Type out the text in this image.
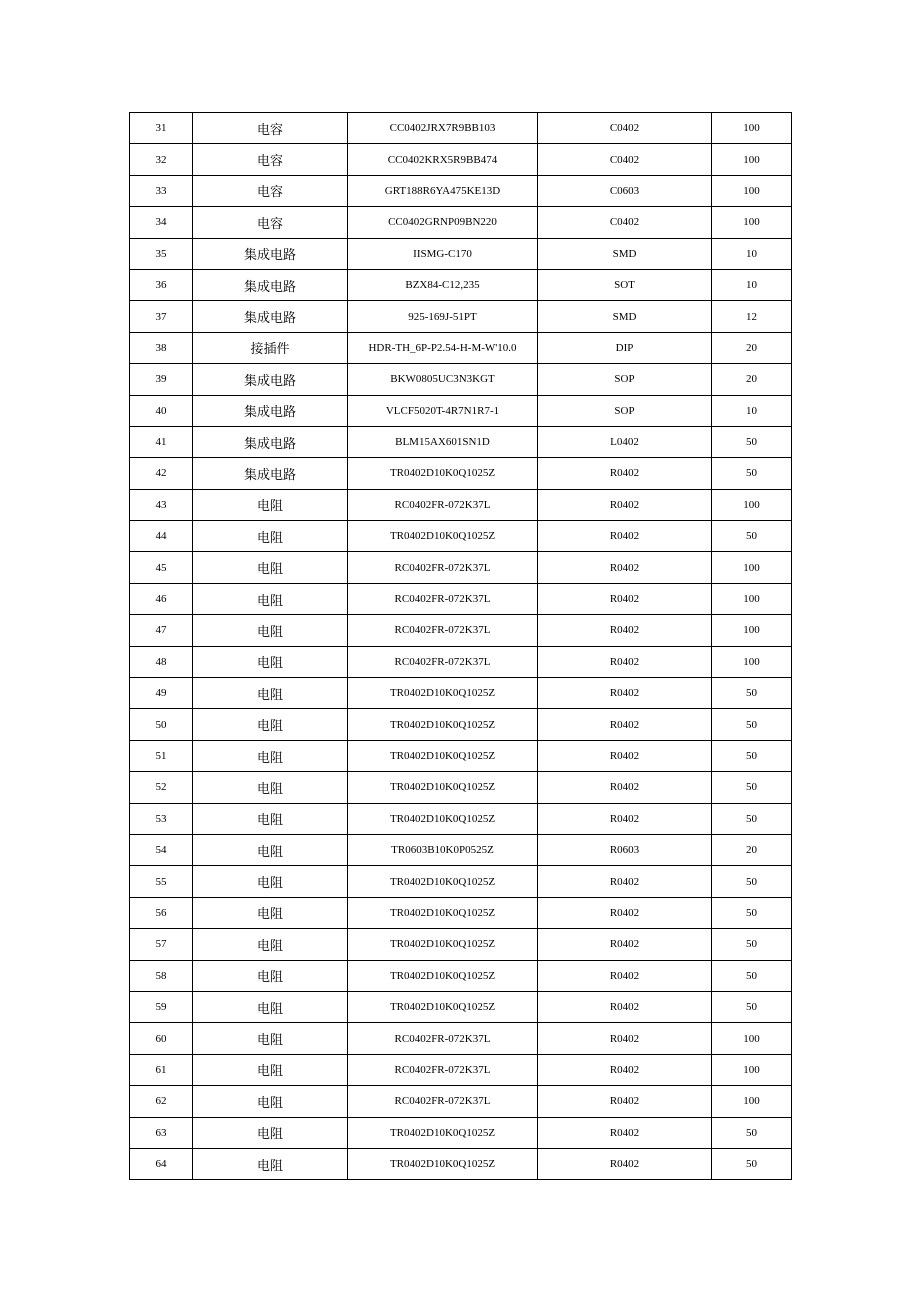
31	电容	CC0402JRX7R9BB103	C0402	100
32	电容	CC0402KRX5R9BB474	C0402	100
33	电容	GRT188R6YA475KE13D	C0603	100
34	电容	CC0402GRNP09BN220	C0402	100
35	集成电路	IISMG-C170	SMD	10
36	集成电路	BZX84-C12,235	SOT	10
37	集成电路	925-169J-51PT	SMD	12
38	接插件	HDR-TH_6P-P2.54-H-M-W'10.0	DIP	20
39	集成电路	BKW0805UC3N3KGT	SOP	20
40	集成电路	VLCF5020T-4R7N1R7-1	SOP	10
41	集成电路	BLM15AX601SN1D	L0402	50
42	集成电路	TR0402D10K0Q1025Z	R0402	50
43	电阻	RC0402FR-072K37L	R0402	100
44	电阻	TR0402D10K0Q1025Z	R0402	50
45	电阻	RC0402FR-072K37L	R0402	100
46	电阻	RC0402FR-072K37L	R0402	100
47	电阻	RC0402FR-072K37L	R0402	100
48	电阻	RC0402FR-072K37L	R0402	100
49	电阻	TR0402D10K0Q1025Z	R0402	50
50	电阻	TR0402D10K0Q1025Z	R0402	50
51	电阻	TR0402D10K0Q1025Z	R0402	50
52	电阻	TR0402D10K0Q1025Z	R0402	50
53	电阻	TR0402D10K0Q1025Z	R0402	50
54	电阻	TR0603B10K0P0525Z	R0603	20
55	电阻	TR0402D10K0Q1025Z	R0402	50
56	电阻	TR0402D10K0Q1025Z	R0402	50
57	电阻	TR0402D10K0Q1025Z	R0402	50
58	电阻	TR0402D10K0Q1025Z	R0402	50
59	电阻	TR0402D10K0Q1025Z	R0402	50
60	电阻	RC0402FR-072K37L	R0402	100
61	电阻	RC0402FR-072K37L	R0402	100
62	电阻	RC0402FR-072K37L	R0402	100
63	电阻	TR0402D10K0Q1025Z	R0402	50
64	电阻	TR0402D10K0Q1025Z	R0402	50
